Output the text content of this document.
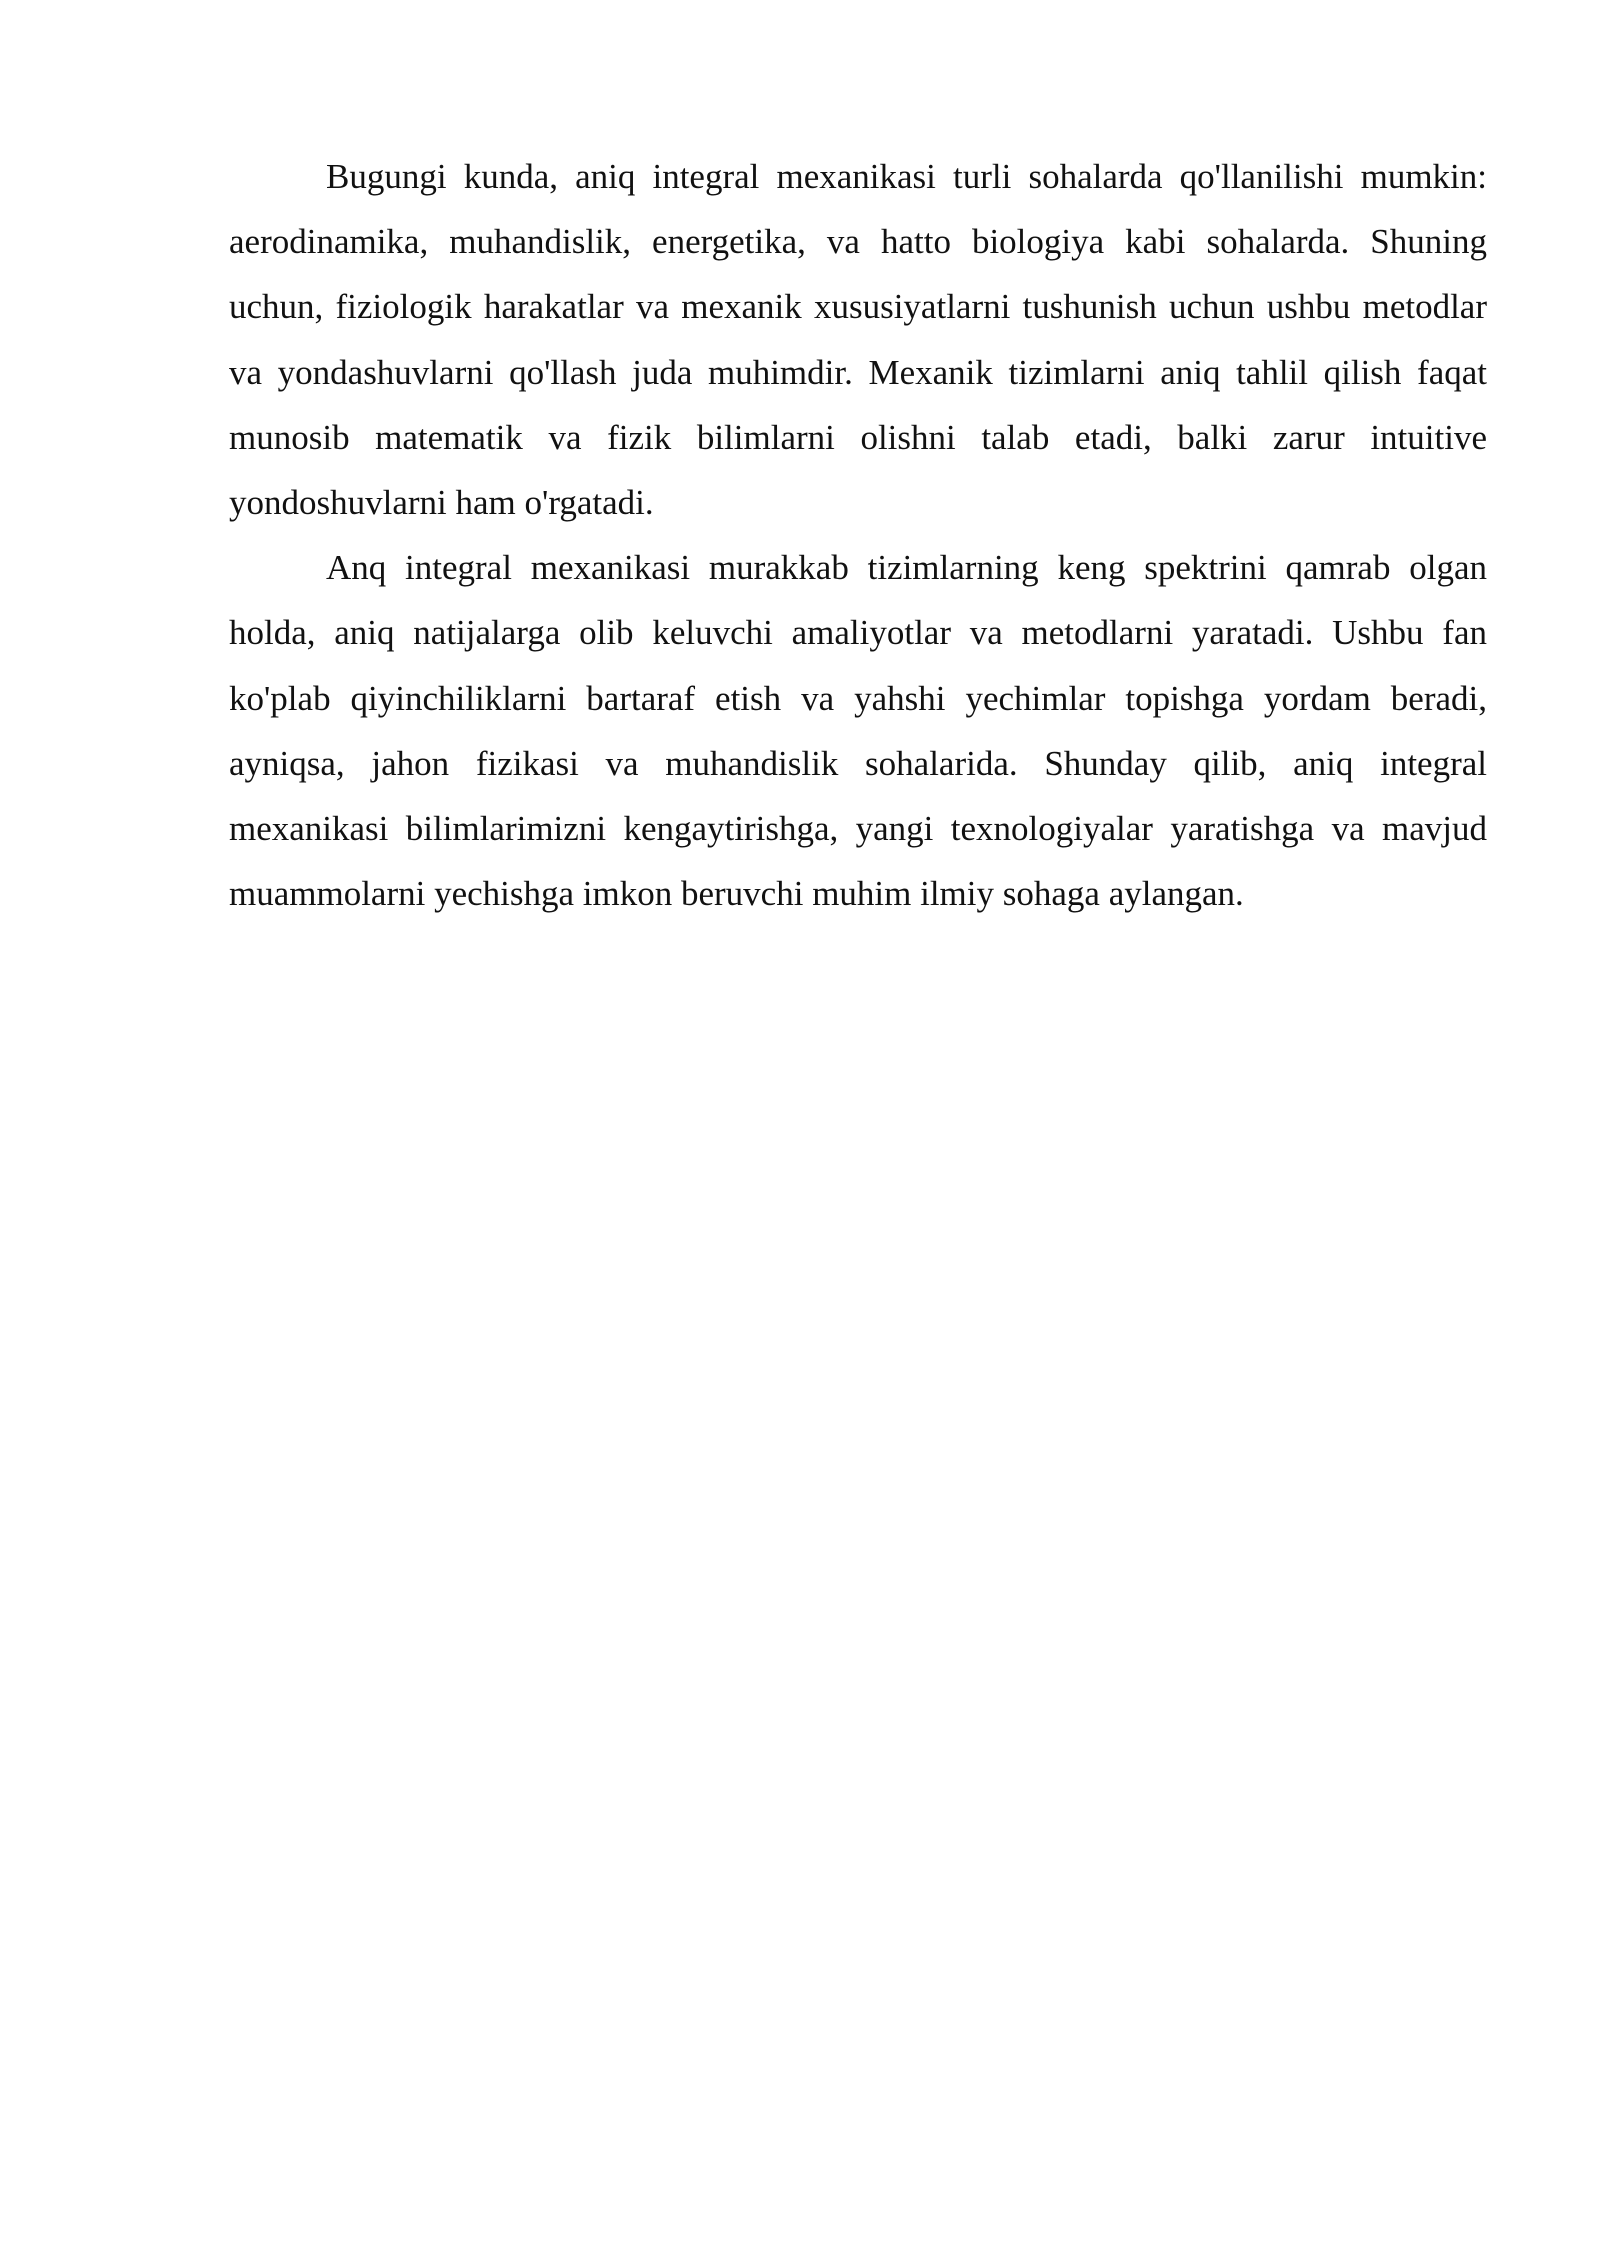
Bugungi kunda, aniq integral mexanikasi turli sohalarda qo'llanilishi mumkin: aerodinamika, muhandislik, energetika, va hatto biologiya kabi sohalarda. Shuning uchun, fiziologik harakatlar va mexanik xususiyatlarni tushunish uchun ushbu metodlar va yondashuvlarni qo'llash juda muhimdir. Mexanik tizimlarni aniq tahlil qilish faqat munosib matematik va fizik bilimlarni olishni talab etadi, balki zarur intuitive yondoshuvlarni ham o'rgatadi.

Anq integral mexanikasi murakkab tizimlarning keng spektrini qamrab olgan holda, aniq natijalarga olib keluvchi amaliyotlar va metodlarni yaratadi. Ushbu fan ko'plab qiyinchiliklarni bartaraf etish va yahshi yechimlar topishga yordam beradi, ayniqsa, jahon fizikasi va muhandislik sohalarida. Shunday qilib, aniq integral mexanikasi bilimlarimizni kengaytirishga, yangi texnologiyalar yaratishga va mavjud muammolarni yechishga imkon beruvchi muhim ilmiy sohaga aylangan.
